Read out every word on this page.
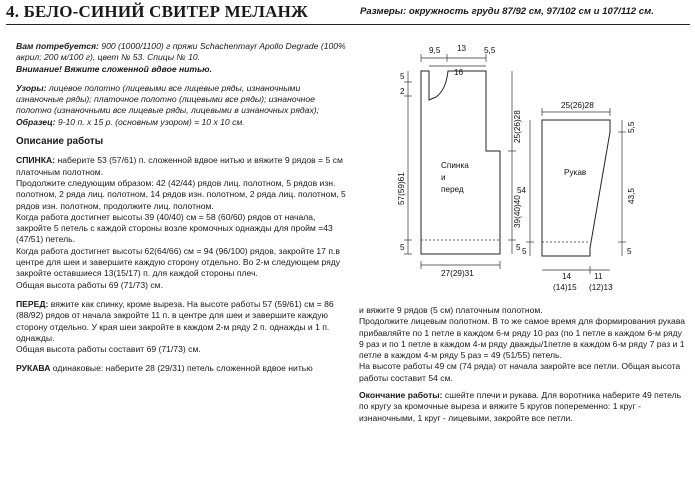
4. БЕЛО-СИНИЙ СВИТЕР МЕЛАНЖ	Размеры: окружность груди 87/92 см, 97/102 см и 107/112 см.

Вам потребуется: 900 (1000/1100) г пряжи Schachenmayr Apollo Degrade (100% акрил; 200 м/100 г), цвет № 53. Спицы № 10.

Внимание! Вяжите сложенной вдвое нитью.

Узоры: лицевое полотно (лицевыми все лицевые ряды, изнаночными изнаночные ряды); платочное полотно (лицевыми все ряды); изнаночное полотно (изнаночными все лицевые ряды, лицевыми в изнаночных рядах);

Образец: 9-10 п. х 15 р. (основным узором) = 10 х 10 см.

Описание работы

СПИНКА: наберите 53 (57/61) п. сложенной вдвое нитью и вяжите 9 рядов = 5 см платочным полотном.

Продолжите следующим образом: 42 (42/44) рядов лиц. полотном, 5 рядов изн. полотном, 2 ряда лиц. полотном, 14 рядов изн. полотном, 2 ряда лиц. полотном, 5 рядов изн. полотном, продолжите лиц. полотном.

Когда работа достигнет высоты 39 (40/40) см = 58 (60/60) рядов от начала, закройте 5 петель с каждой стороны возле кромочных однажды для пройм =43 (47/51) петель.

Когда работа достигнет высоты 62(64/66) см = 94 (96/100) рядов, закройте 17 п.в центре для шеи и завершите каждую сторону отдельно. Во 2-м следующем ряду закройте оставшиеся 13(15/17) п. для каждой стороны плеч.

Общая высота работы 69 (71/73) см.

ПЕРЕД: вяжите как спинку, кроме выреза. На высоте работы 57 (59/61) см = 86 (88/92) рядов от начала закройте 11 п. в центре для шеи и завершите каждую сторону отдельно. У края шеи закройте в каждом 2-м ряду 2 п. однажды и 1 п. однажды.

Общая высота работы составит 69 (71/73) см.

РУКАВА одинаковые: наберите 28 (29/31) петель сложенной вдвое нитью

и вяжите 9 рядов (5 см) платочным полотном.

Продолжите лицевым полотном. В то же самое время для формирования рукава прибавляйте по 1 петле в каждом 6-м ряду 10 раз (по 1 петле в каждом 6-м ряду

9 раз и по 1 петле в каждом 4-м ряду дважды/1петле в каждом 6-м ряду 7 раз и 1 петле в каждом 4-м ряду 5 раз = 49 (51/55) петель.

На высоте работы 49 см (74 ряда) от начала закройте все петли. Общая высота работы составит 54 см.

Окончание работы: сшейте плечи и рукава. Для воротника наберите 49 петель по кругу за кромочные выреза и вяжите 5 кругов попеременно: 1 круг - изнаночными, 1 круг - лицевыми, закройте все петли.

Спинка
и
перед
9,5 13 5,5
16
5
2
57(59)61
25(26)28
39(40)40
5	5
27(29)31
Рукав
25(26)28
5,5
54	43,5
5	5
14
(14)15
11
(12)13
